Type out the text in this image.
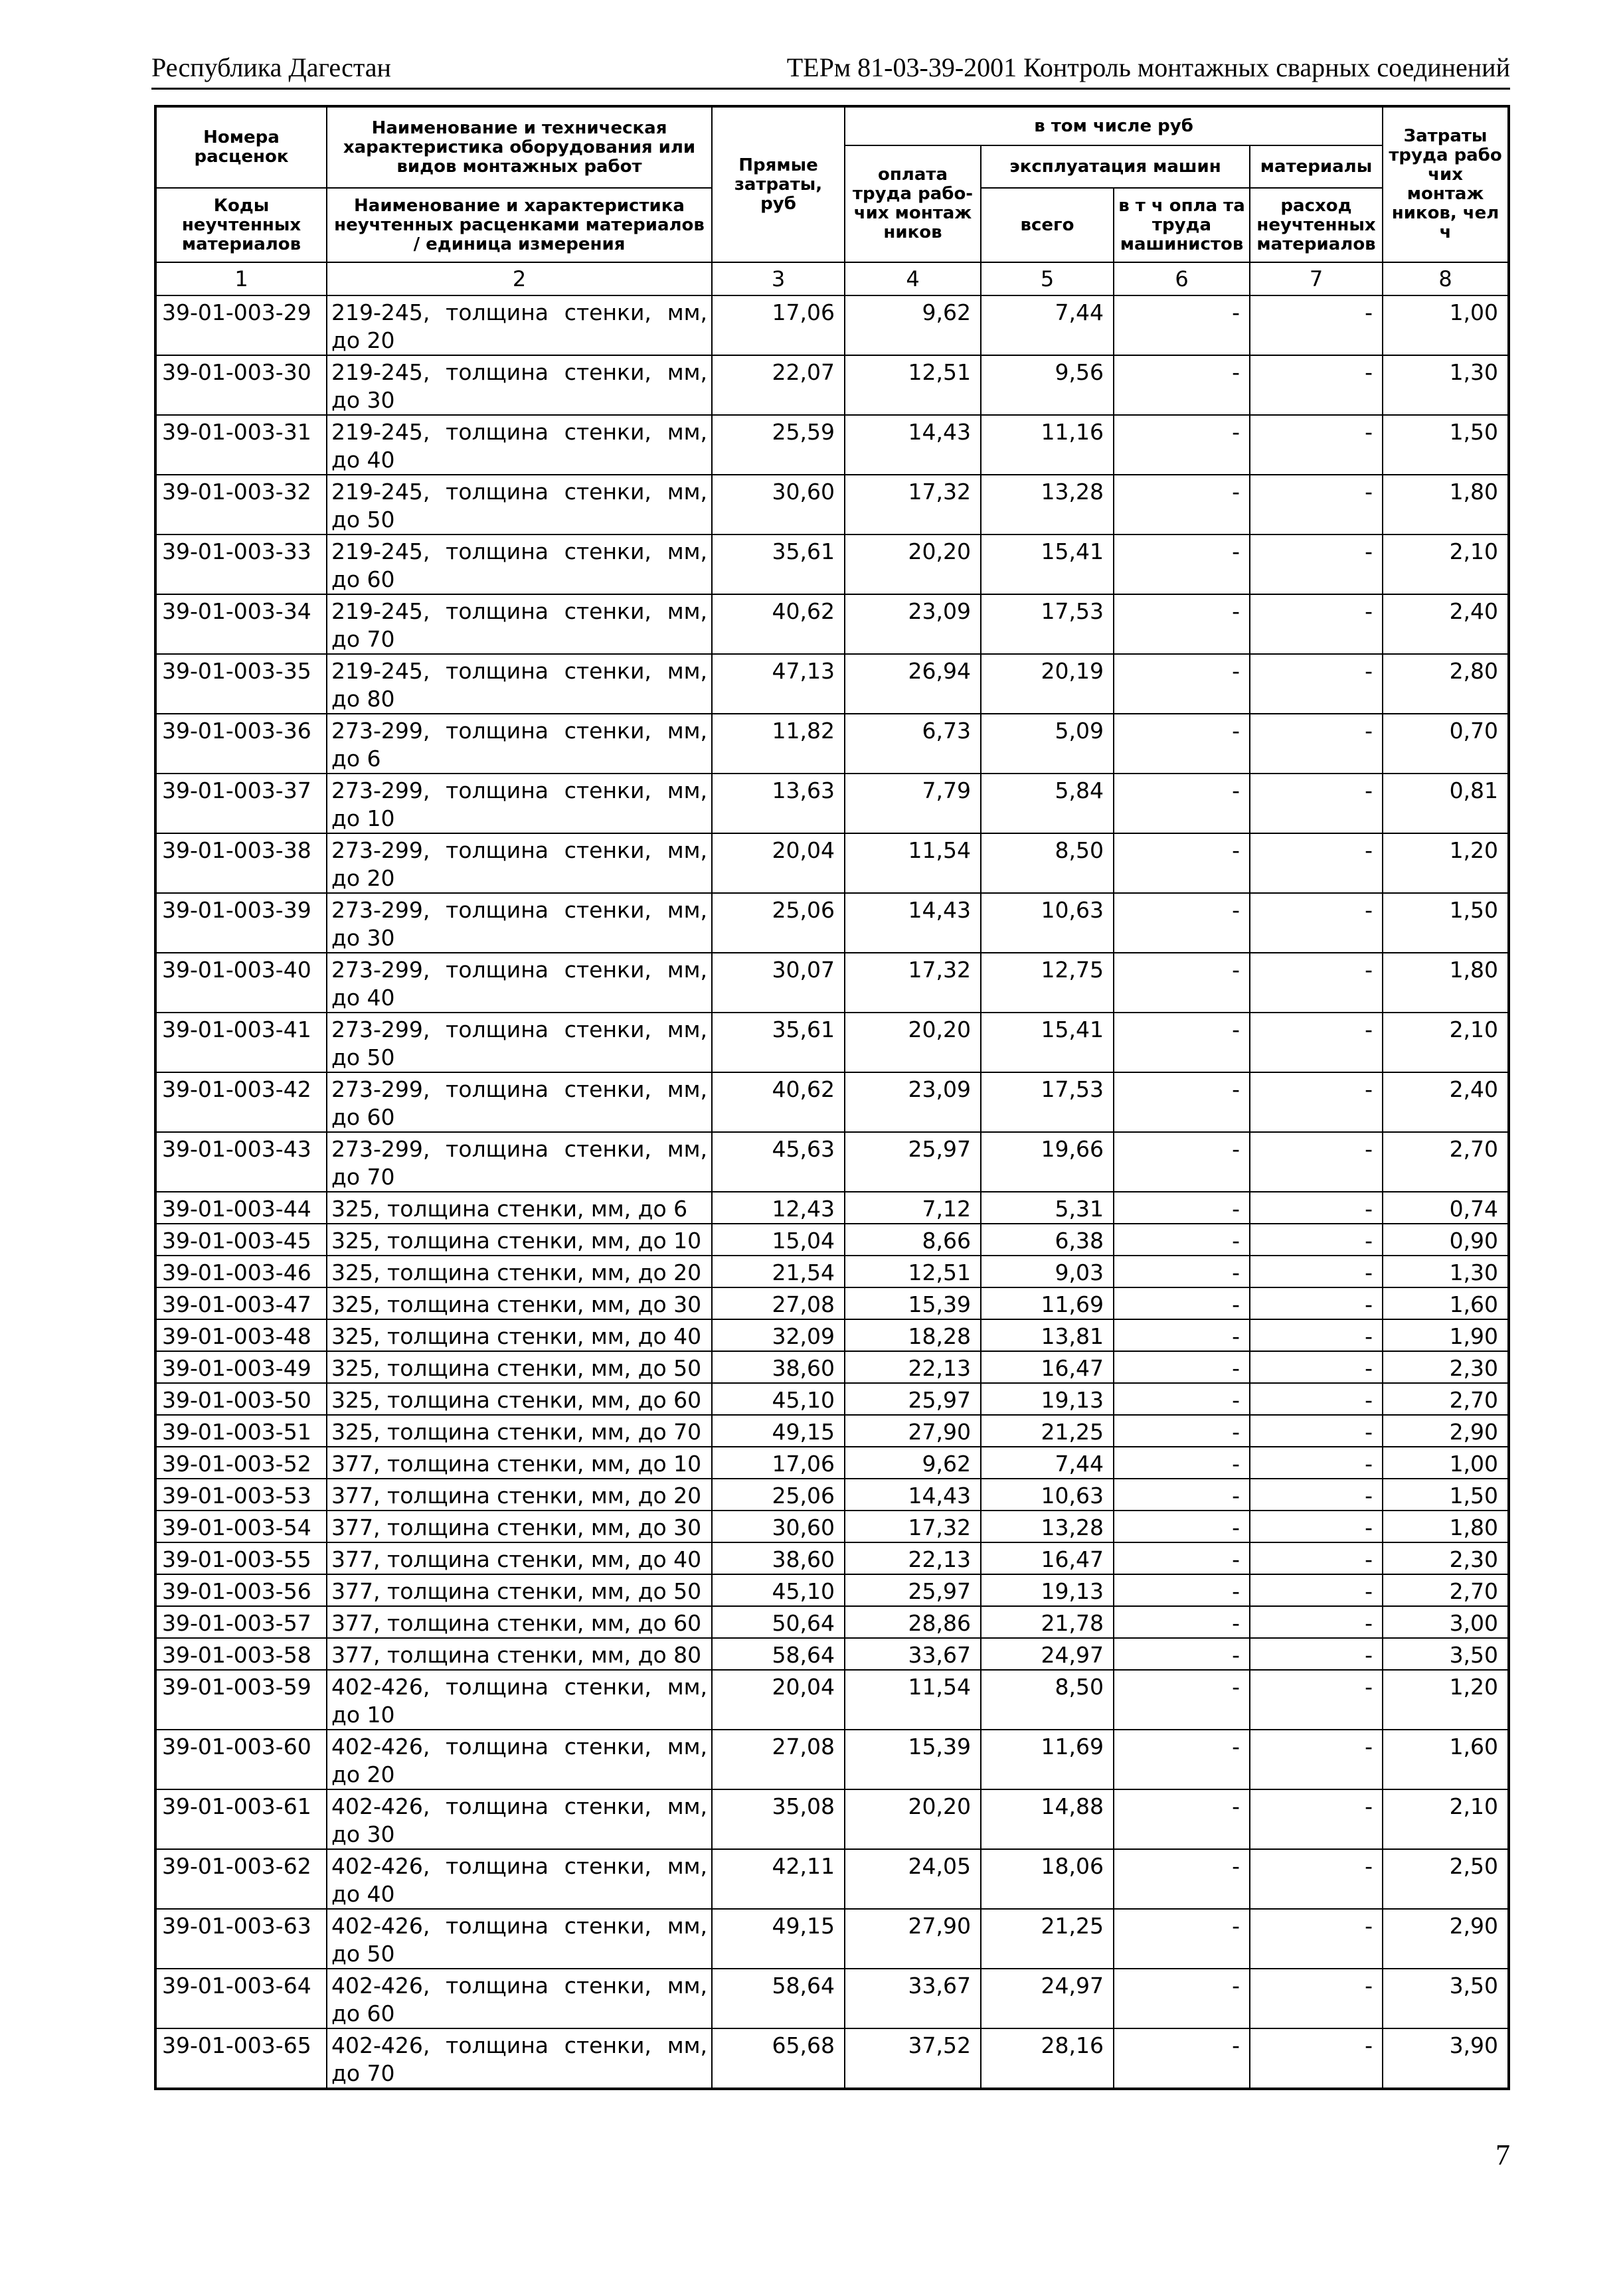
Республика Дагестан	ТЕРм 81-03-39-2001 Контроль монтажных сварных соединений
Номера расценок	Наименование и техническая характеристика оборудования или видов монтажных работ	Прямые затраты, руб	в том числе руб				Затраты труда рабо чих монтаж ников, чел ч
			оплата труда рабо-чих монтаж ников	эксплуатация машин		материалы	
Коды неучтенных материалов	Наименование и характеристика неучтенных расценками материалов / единица измерения			всего	в т ч опла та труда машинистов	расход неучтенных материалов	
1	2	3	4	5	6	7	8
39-01-003-29	219-245, толщина стенки, мм, до 20	17,06	9,62	7,44	-	-	1,00
39-01-003-30	219-245, толщина стенки, мм, до 30	22,07	12,51	9,56	-	-	1,30
39-01-003-31	219-245, толщина стенки, мм, до 40	25,59	14,43	11,16	-	-	1,50
39-01-003-32	219-245, толщина стенки, мм, до 50	30,60	17,32	13,28	-	-	1,80
39-01-003-33	219-245, толщина стенки, мм, до 60	35,61	20,20	15,41	-	-	2,10
39-01-003-34	219-245, толщина стенки, мм, до 70	40,62	23,09	17,53	-	-	2,40
39-01-003-35	219-245, толщина стенки, мм, до 80	47,13	26,94	20,19	-	-	2,80
39-01-003-36	273-299, толщина стенки, мм, до 6	11,82	6,73	5,09	-	-	0,70
39-01-003-37	273-299, толщина стенки, мм, до 10	13,63	7,79	5,84	-	-	0,81
39-01-003-38	273-299, толщина стенки, мм, до 20	20,04	11,54	8,50	-	-	1,20
39-01-003-39	273-299, толщина стенки, мм, до 30	25,06	14,43	10,63	-	-	1,50
39-01-003-40	273-299, толщина стенки, мм, до 40	30,07	17,32	12,75	-	-	1,80
39-01-003-41	273-299, толщина стенки, мм, до 50	35,61	20,20	15,41	-	-	2,10
39-01-003-42	273-299, толщина стенки, мм, до 60	40,62	23,09	17,53	-	-	2,40
39-01-003-43	273-299, толщина стенки, мм, до 70	45,63	25,97	19,66	-	-	2,70
39-01-003-44	325, толщина стенки, мм, до 6	12,43	7,12	5,31	-	-	0,74
39-01-003-45	325, толщина стенки, мм, до 10	15,04	8,66	6,38	-	-	0,90
39-01-003-46	325, толщина стенки, мм, до 20	21,54	12,51	9,03	-	-	1,30
39-01-003-47	325, толщина стенки, мм, до 30	27,08	15,39	11,69	-	-	1,60
39-01-003-48	325, толщина стенки, мм, до 40	32,09	18,28	13,81	-	-	1,90
39-01-003-49	325, толщина стенки, мм, до 50	38,60	22,13	16,47	-	-	2,30
39-01-003-50	325, толщина стенки, мм, до 60	45,10	25,97	19,13	-	-	2,70
39-01-003-51	325, толщина стенки, мм, до 70	49,15	27,90	21,25	-	-	2,90
39-01-003-52	377, толщина стенки, мм, до 10	17,06	9,62	7,44	-	-	1,00
39-01-003-53	377, толщина стенки, мм, до 20	25,06	14,43	10,63	-	-	1,50
39-01-003-54	377, толщина стенки, мм, до 30	30,60	17,32	13,28	-	-	1,80
39-01-003-55	377, толщина стенки, мм, до 40	38,60	22,13	16,47	-	-	2,30
39-01-003-56	377, толщина стенки, мм, до 50	45,10	25,97	19,13	-	-	2,70
39-01-003-57	377, толщина стенки, мм, до 60	50,64	28,86	21,78	-	-	3,00
39-01-003-58	377, толщина стенки, мм, до 80	58,64	33,67	24,97	-	-	3,50
39-01-003-59	402-426, толщина стенки, мм, до 10	20,04	11,54	8,50	-	-	1,20
39-01-003-60	402-426, толщина стенки, мм, до 20	27,08	15,39	11,69	-	-	1,60
39-01-003-61	402-426, толщина стенки, мм, до 30	35,08	20,20	14,88	-	-	2,10
39-01-003-62	402-426, толщина стенки, мм, до 40	42,11	24,05	18,06	-	-	2,50
39-01-003-63	402-426, толщина стенки, мм, до 50	49,15	27,90	21,25	-	-	2,90
39-01-003-64	402-426, толщина стенки, мм, до 60	58,64	33,67	24,97	-	-	3,50
39-01-003-65	402-426, толщина стенки, мм, до 70	65,68	37,52	28,16	-	-	3,90
7
